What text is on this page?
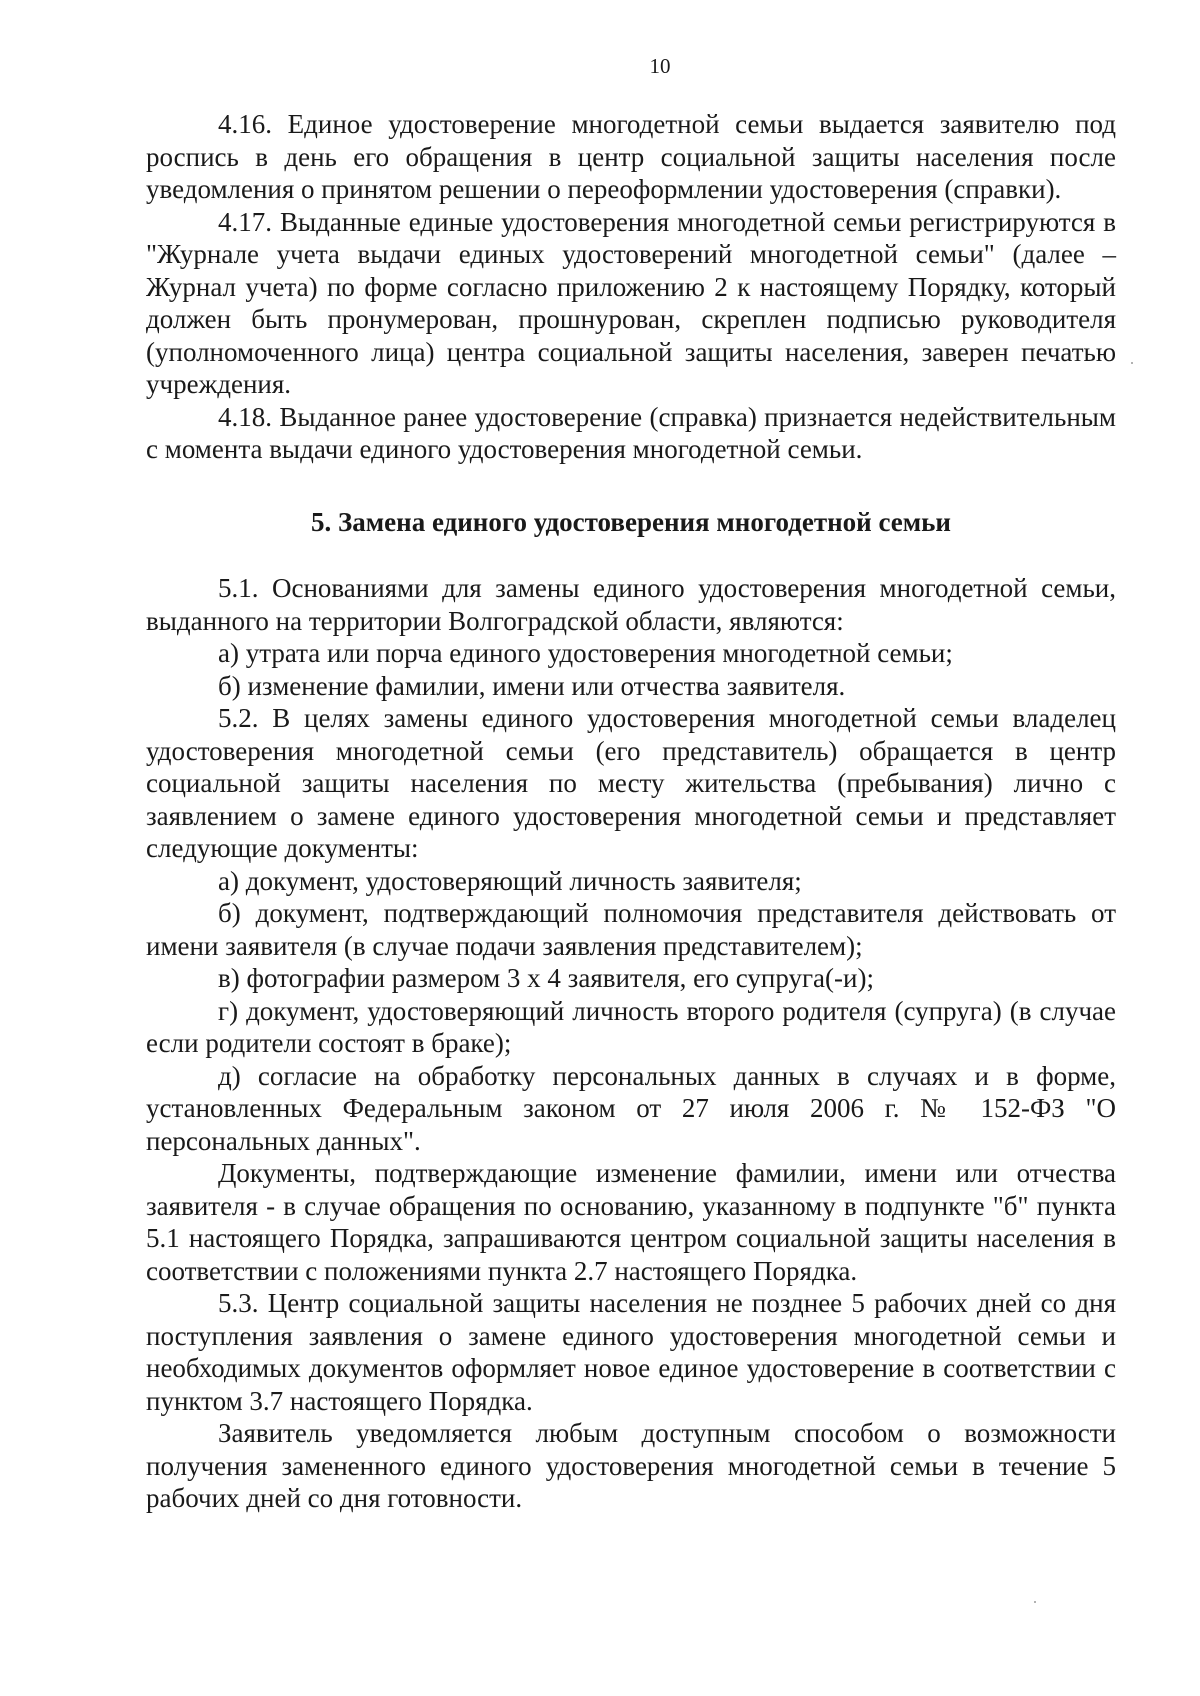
10

4.16. Единое удостоверение многодетной семьи выдается заявителю под роспись в день его обращения в центр социальной защиты населения после уведомления о принятом решении о переоформлении удостоверения (справки).

4.17. Выданные единые удостоверения многодетной семьи регистрируются в "Журнале учета выдачи единых удостоверений многодетной семьи" (далее – Журнал учета) по форме согласно приложению 2 к настоящему Порядку, который должен быть пронумерован, прошнурован, скреплен подписью руководителя (уполномоченного лица) центра социальной защиты населения, заверен печатью учреждения.

4.18. Выданное ранее удостоверение (справка) признается недействительным с момента выдачи единого удостоверения многодетной семьи.

5. Замена единого удостоверения многодетной семьи

5.1. Основаниями для замены единого удостоверения многодетной семьи, выданного на территории Волгоградской области, являются:

а) утрата или порча единого удостоверения многодетной семьи;

б) изменение фамилии, имени или отчества заявителя.

5.2. В целях замены единого удостоверения многодетной семьи владелец удостоверения многодетной семьи (его представитель) обращается в центр социальной защиты населения по месту жительства (пребывания) лично с заявлением о замене единого удостоверения многодетной семьи и представляет следующие документы:

а) документ, удостоверяющий личность заявителя;

б) документ, подтверждающий полномочия представителя действовать от имени заявителя (в случае подачи заявления представителем);

в) фотографии размером 3 х 4 заявителя, его супруга(-и);

г) документ, удостоверяющий личность второго родителя (супруга) (в случае если родители состоят в браке);

д) согласие на обработку персональных данных в случаях и в форме, установленных Федеральным законом от 27 июля 2006 г. № 152-ФЗ "О персональных данных".

Документы, подтверждающие изменение фамилии, имени или отчества заявителя - в случае обращения по основанию, указанному в подпункте "б" пункта 5.1 настоящего Порядка, запрашиваются центром социальной защиты населения в соответствии с положениями пункта 2.7 настоящего Порядка.

5.3. Центр социальной защиты населения не позднее 5 рабочих дней со дня поступления заявления о замене единого удостоверения многодетной семьи и необходимых документов оформляет новое единое удостоверение в соответствии с пунктом 3.7 настоящего Порядка.

Заявитель уведомляется любым доступным способом о возможности получения замененного единого удостоверения многодетной семьи в течение 5 рабочих дней со дня готовности.
